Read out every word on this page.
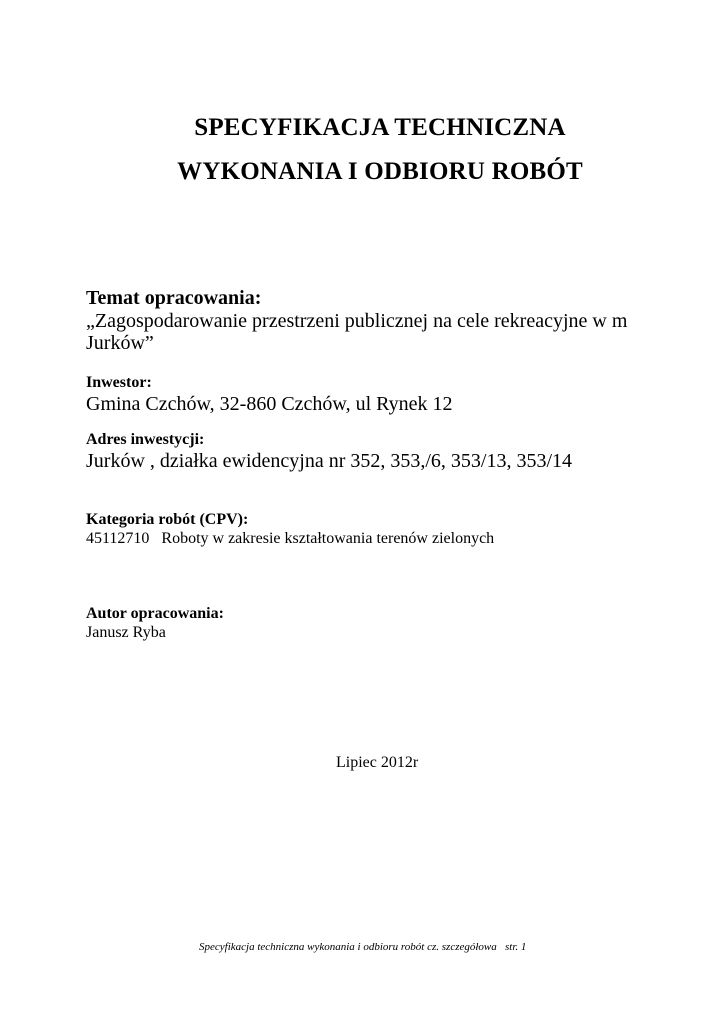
SPECYFIKACJA TECHNICZNA
WYKONANIA I ODBIORU ROBÓT

Temat opracowania:

„Zagospodarowanie przestrzeni publicznej na cele rekreacyjne w m

Jurków”

Inwestor:

Gmina Czchów, 32-860 Czchów, ul Rynek 12

Adres inwestycji:

Jurków , działka ewidencyjna nr 352, 353,/6, 353/13, 353/14

Kategoria robót (CPV):

45112710   Roboty w zakresie kształtowania terenów zielonych

Autor opracowania:

Janusz Ryba

Lipiec 2012r
Specyfikacja techniczna wykonania i odbioru robót cz. szczegółowa   str. 1
